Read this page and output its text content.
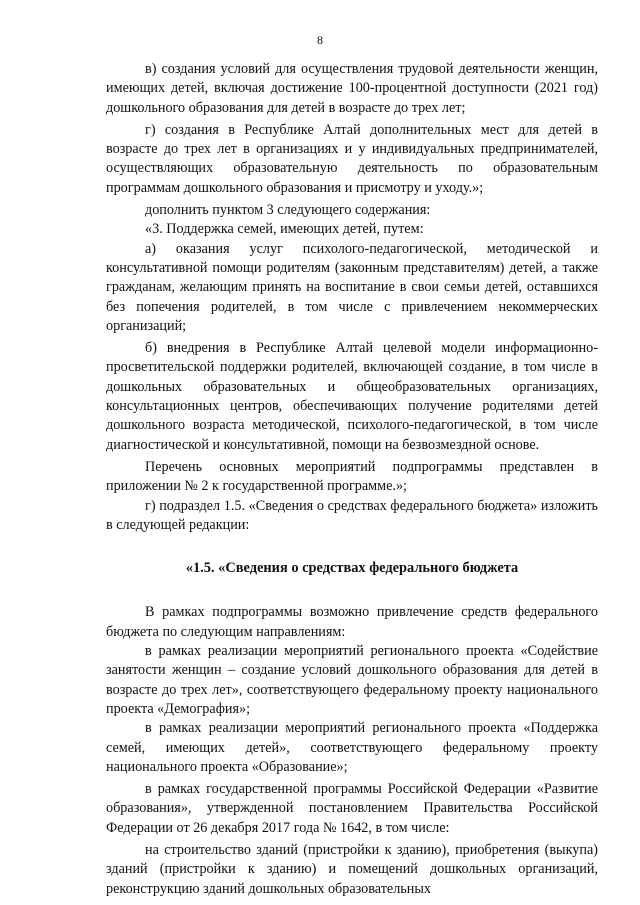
8

в) создания условий для осуществления трудовой деятельности женщин, имеющих детей, включая достижение 100-процентной доступности (2021 год) дошкольного образования для детей в возрасте до трех лет;

г) создания в Республике Алтай дополнительных мест для детей в возрасте до трех лет в организациях и у индивидуальных предпринимателей, осуществляющих образовательную деятельность по образовательным программам дошкольного образования и присмотру и уходу.»;

дополнить пунктом 3 следующего содержания:

«3. Поддержка семей, имеющих детей, путем:

а) оказания услуг психолого-педагогической, методической и консультативной помощи родителям (законным представителям) детей, а также гражданам, желающим принять на воспитание в свои семьи детей, оставшихся без попечения родителей, в том числе с привлечением некоммерческих организаций;

б) внедрения в Республике Алтай целевой модели информационно-просветительской поддержки родителей, включающей создание, в том числе в дошкольных образовательных и общеобразовательных организациях, консультационных центров, обеспечивающих получение родителями детей дошкольного возраста методической, психолого-педагогической, в том числе диагностической и консультативной, помощи на безвозмездной основе.

Перечень основных мероприятий подпрограммы представлен в приложении № 2 к государственной программе.»;

г) подраздел 1.5. «Сведения о средствах федерального бюджета» изложить в следующей редакции:

«1.5. «Сведения о средствах федерального бюджета

В рамках подпрограммы возможно привлечение средств федерального бюджета по следующим направлениям:

в рамках реализации мероприятий регионального проекта «Содействие занятости женщин – создание условий дошкольного образования для детей в возрасте до трех лет», соответствующего федеральному проекту национального проекта «Демография»;

в рамках реализации мероприятий регионального проекта «Поддержка семей, имеющих детей», соответствующего федеральному проекту национального проекта «Образование»;

в рамках государственной программы Российской Федерации «Развитие образования», утвержденной постановлением Правительства Российской Федерации от 26 декабря 2017 года № 1642, в том числе:

на строительство зданий (пристройки к зданию), приобретения (выкупа) зданий (пристройки к зданию) и помещений дошкольных организаций, реконструкцию зданий дошкольных образовательных
